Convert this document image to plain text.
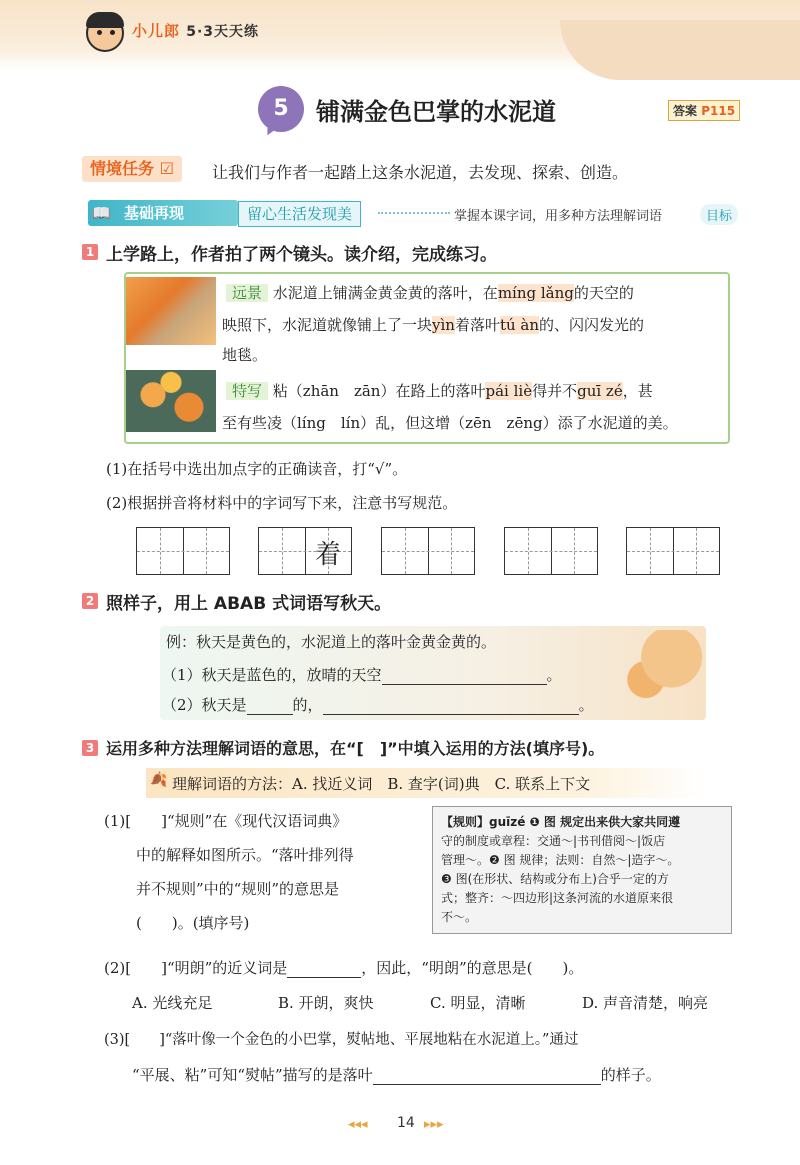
小儿郎 5·3天天练
5	铺满金色巴掌的水泥道	答案 P115
情境任务 ☑	让我们与作者一起踏上这条水泥道，去发现、探索、创造。
基础再现
📖	留心生活发现美	掌握本课字词，用多种方法理解词语	目标
1 上学路上，作者拍了两个镜头。读介绍，完成练习。
远景 水泥道上铺满金黄金黄的落叶，在míng lǎng的天空的
映照下，水泥道就像铺上了一块yìn着落叶tú àn的、闪闪发光的
地毯。
特写 粘（zhān　zān）在路上的落叶pái liè得并不guī zé，甚
至有些凌（líng　lín）乱，但这增（zēn　zēng）添了水泥道的美。
(1)在括号中选出加点字的正确读音，打“√”。
(2)根据拼音将材料中的字词写下来，注意书写规范。
着
2 照样子，用上 ABAB 式词语写秋天。
例：秋天是黄色的，水泥道上的落叶金黄金黄的。
（1）秋天是蓝色的，放晴的天空	。
（2）秋天是	的，	。
3 运用多种方法理解词语的意思，在“[　]”中填入运用的方法(填序号)。
🍂 理解词语的方法：A. 找近义词　B. 查字(词)典　C. 联系上下文
(1)[　　]“规则”在《现代汉语词典》
中的解释如图所示。“落叶排列得
并不规则”中的“规则”的意思是
(　　)。(填序号)
【规则】guīzé ❶ 图 规定出来供大家共同遵
守的制度或章程：交通～|书刊借阅～|饭店
管理～。❷ 图 规律；法则：自然～|造字～。
❸ 图(在形状、结构或分布上)合乎一定的方
式；整齐：～四边形|这条河流的水道原来很
不～。
(2)[　　]“明朗”的近义词是	，因此，“明朗”的意思是(　　)。
A. 光线充足	B. 开朗，爽快	C. 明显，清晰	D. 声音清楚，响亮
(3)[　　]“落叶像一个金色的小巴掌，熨帖地、平展地粘在水泥道上。”通过
“平展、粘”可知“熨帖”描写的是落叶	的样子。
◂◂◂ 14 ▸▸▸
